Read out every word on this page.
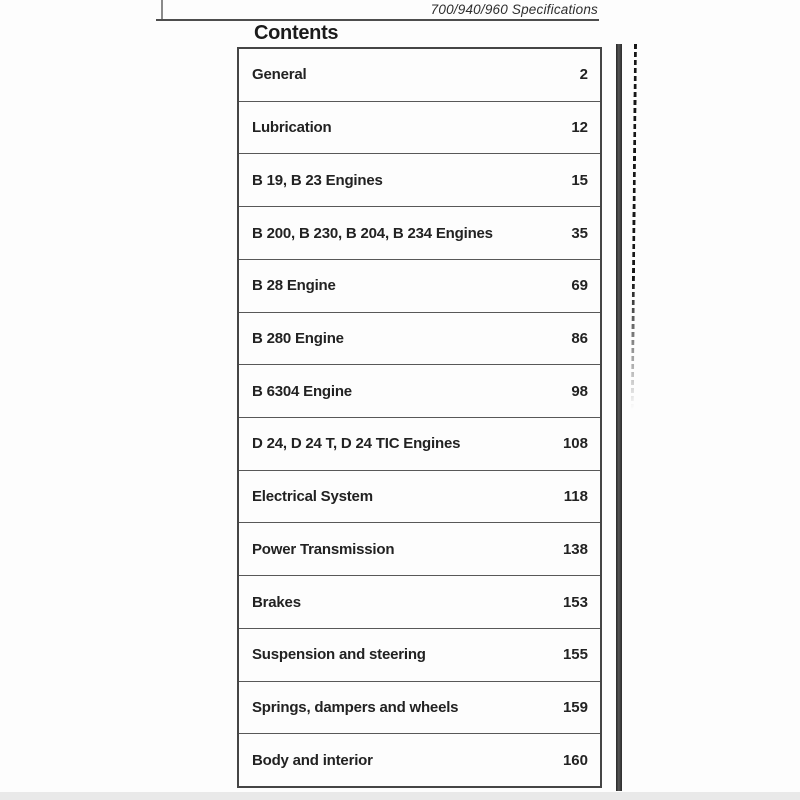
700/940/960 Specifications
Contents
General	2
Lubrication	12
B 19, B 23 Engines	15
B 200, B 230, B 204, B 234 Engines	35
B 28 Engine	69
B 280 Engine	86
B 6304 Engine	98
D 24, D 24 T, D 24 TIC Engines	108
Electrical System	118
Power Transmission	138
Brakes	153
Suspension and steering	155
Springs, dampers and wheels	159
Body and interior	160
